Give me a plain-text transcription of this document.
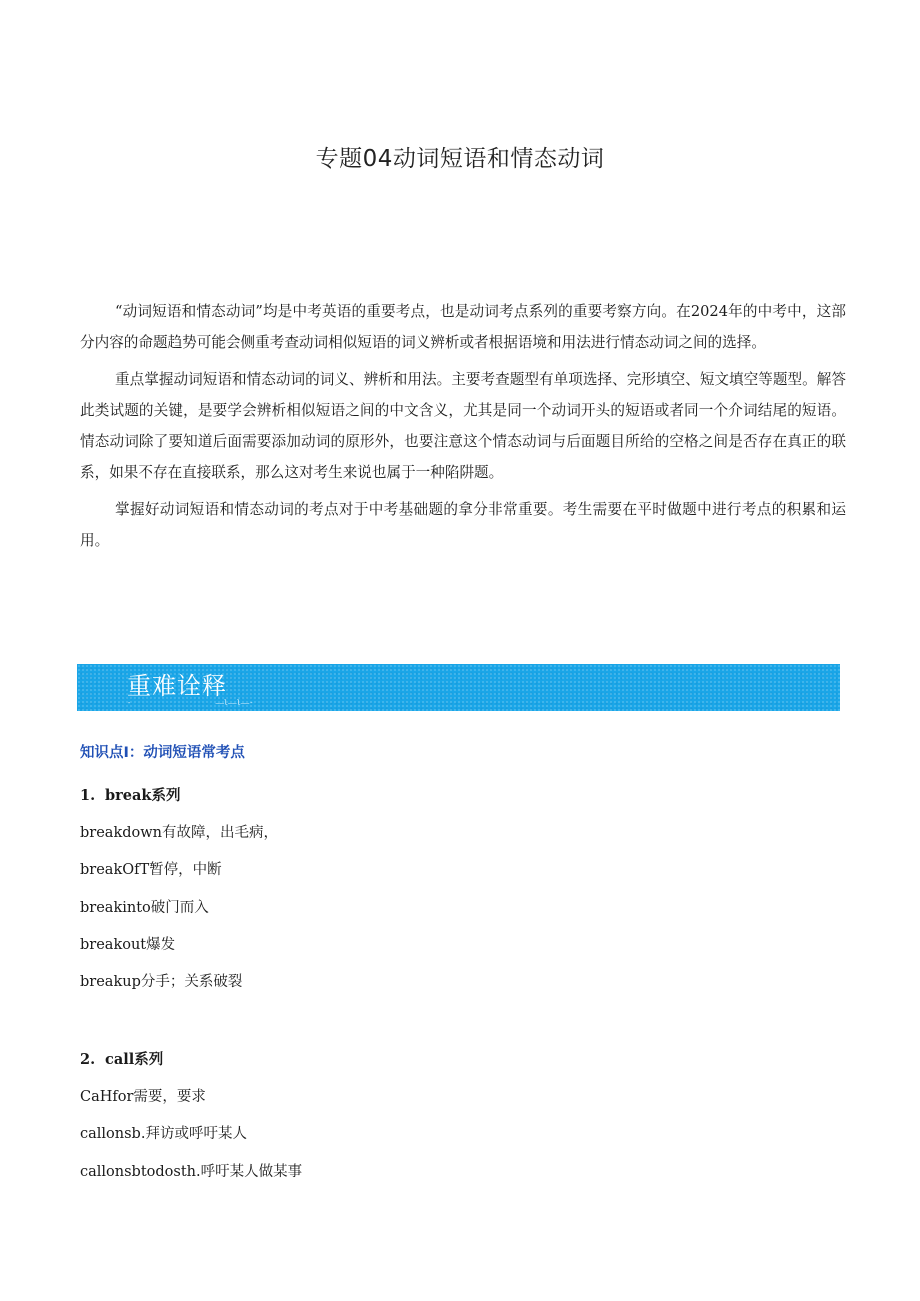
专题04动词短语和情态动词

“动词短语和情态动词”均是中考英语的重要考点，也是动词考点系列的重要考察方向。在2024年的中考中，这部分内容的命题趋势可能会侧重考查动词相似短语的词义辨析或者根据语境和用法进行情态动词之间的选择。

重点掌握动词短语和情态动词的词义、辨析和用法。主要考查题型有单项选择、完形填空、短文填空等题型。解答此类试题的关键，是要学会辨析相似短语之间的中文含义，尤其是同一个动词开头的短语或者同一个介词结尾的短语。情态动词除了要知道后面需要添加动词的原形外，也要注意这个情态动词与后面题目所给的空格之间是否存在真正的联系，如果不存在直接联系，那么这对考生来说也属于一种陷阱题。

掌握好动词短语和情态动词的考点对于中考基础题的拿分非常重要。考生需要在平时做题中进行考点的积累和运用。

重难诠释
-                    ——l——l——-
知识点I：动词短语常考点
1. break系列
breakdown有故障，出毛病，
breakOfT暂停，中断
breakinto破门而入
breakout爆发
breakup分手；关系破裂
2. call系列
CaHfor需要，要求
callonsb.拜访或呼吁某人
callonsbtodosth.呼吁某人做某事
